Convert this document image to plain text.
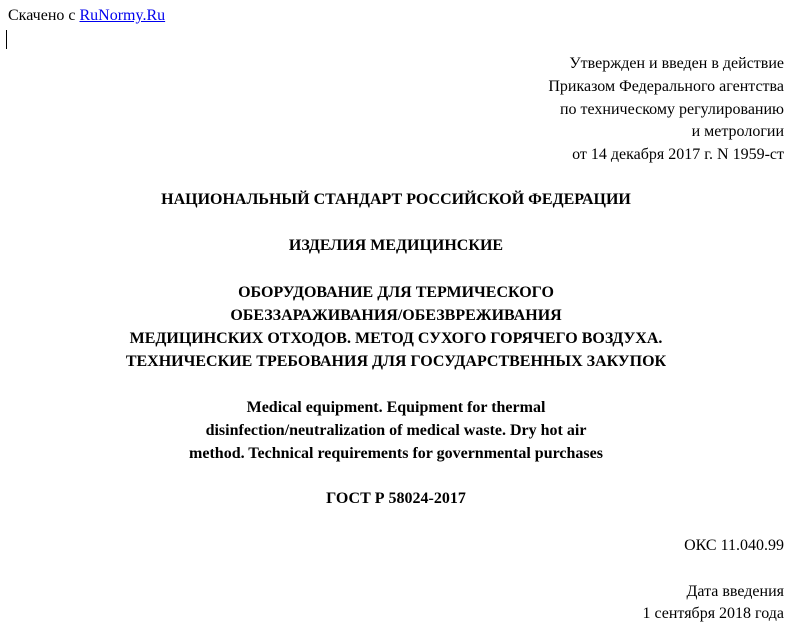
Скачено с RuNormy.Ru
Утвержден и введен в действие
Приказом Федерального агентства
по техническому регулированию
и метрологии
от 14 декабря 2017 г. N 1959-ст
НАЦИОНАЛЬНЫЙ СТАНДАРТ РОССИЙСКОЙ ФЕДЕРАЦИИ
ИЗДЕЛИЯ МЕДИЦИНСКИЕ
ОБОРУДОВАНИЕ ДЛЯ ТЕРМИЧЕСКОГО
ОБЕЗЗАРАЖИВАНИЯ/ОБЕЗВРЕЖИВАНИЯ
МЕДИЦИНСКИХ ОТХОДОВ. МЕТОД СУХОГО ГОРЯЧЕГО ВОЗДУХА.
ТЕХНИЧЕСКИЕ ТРЕБОВАНИЯ ДЛЯ ГОСУДАРСТВЕННЫХ ЗАКУПОК
Medical equipment. Equipment for thermal
disinfection/neutralization of medical waste. Dry hot air
method. Technical requirements for governmental purchases
ГОСТ Р 58024-2017
ОКС 11.040.99
Дата введения
1 сентября 2018 года
